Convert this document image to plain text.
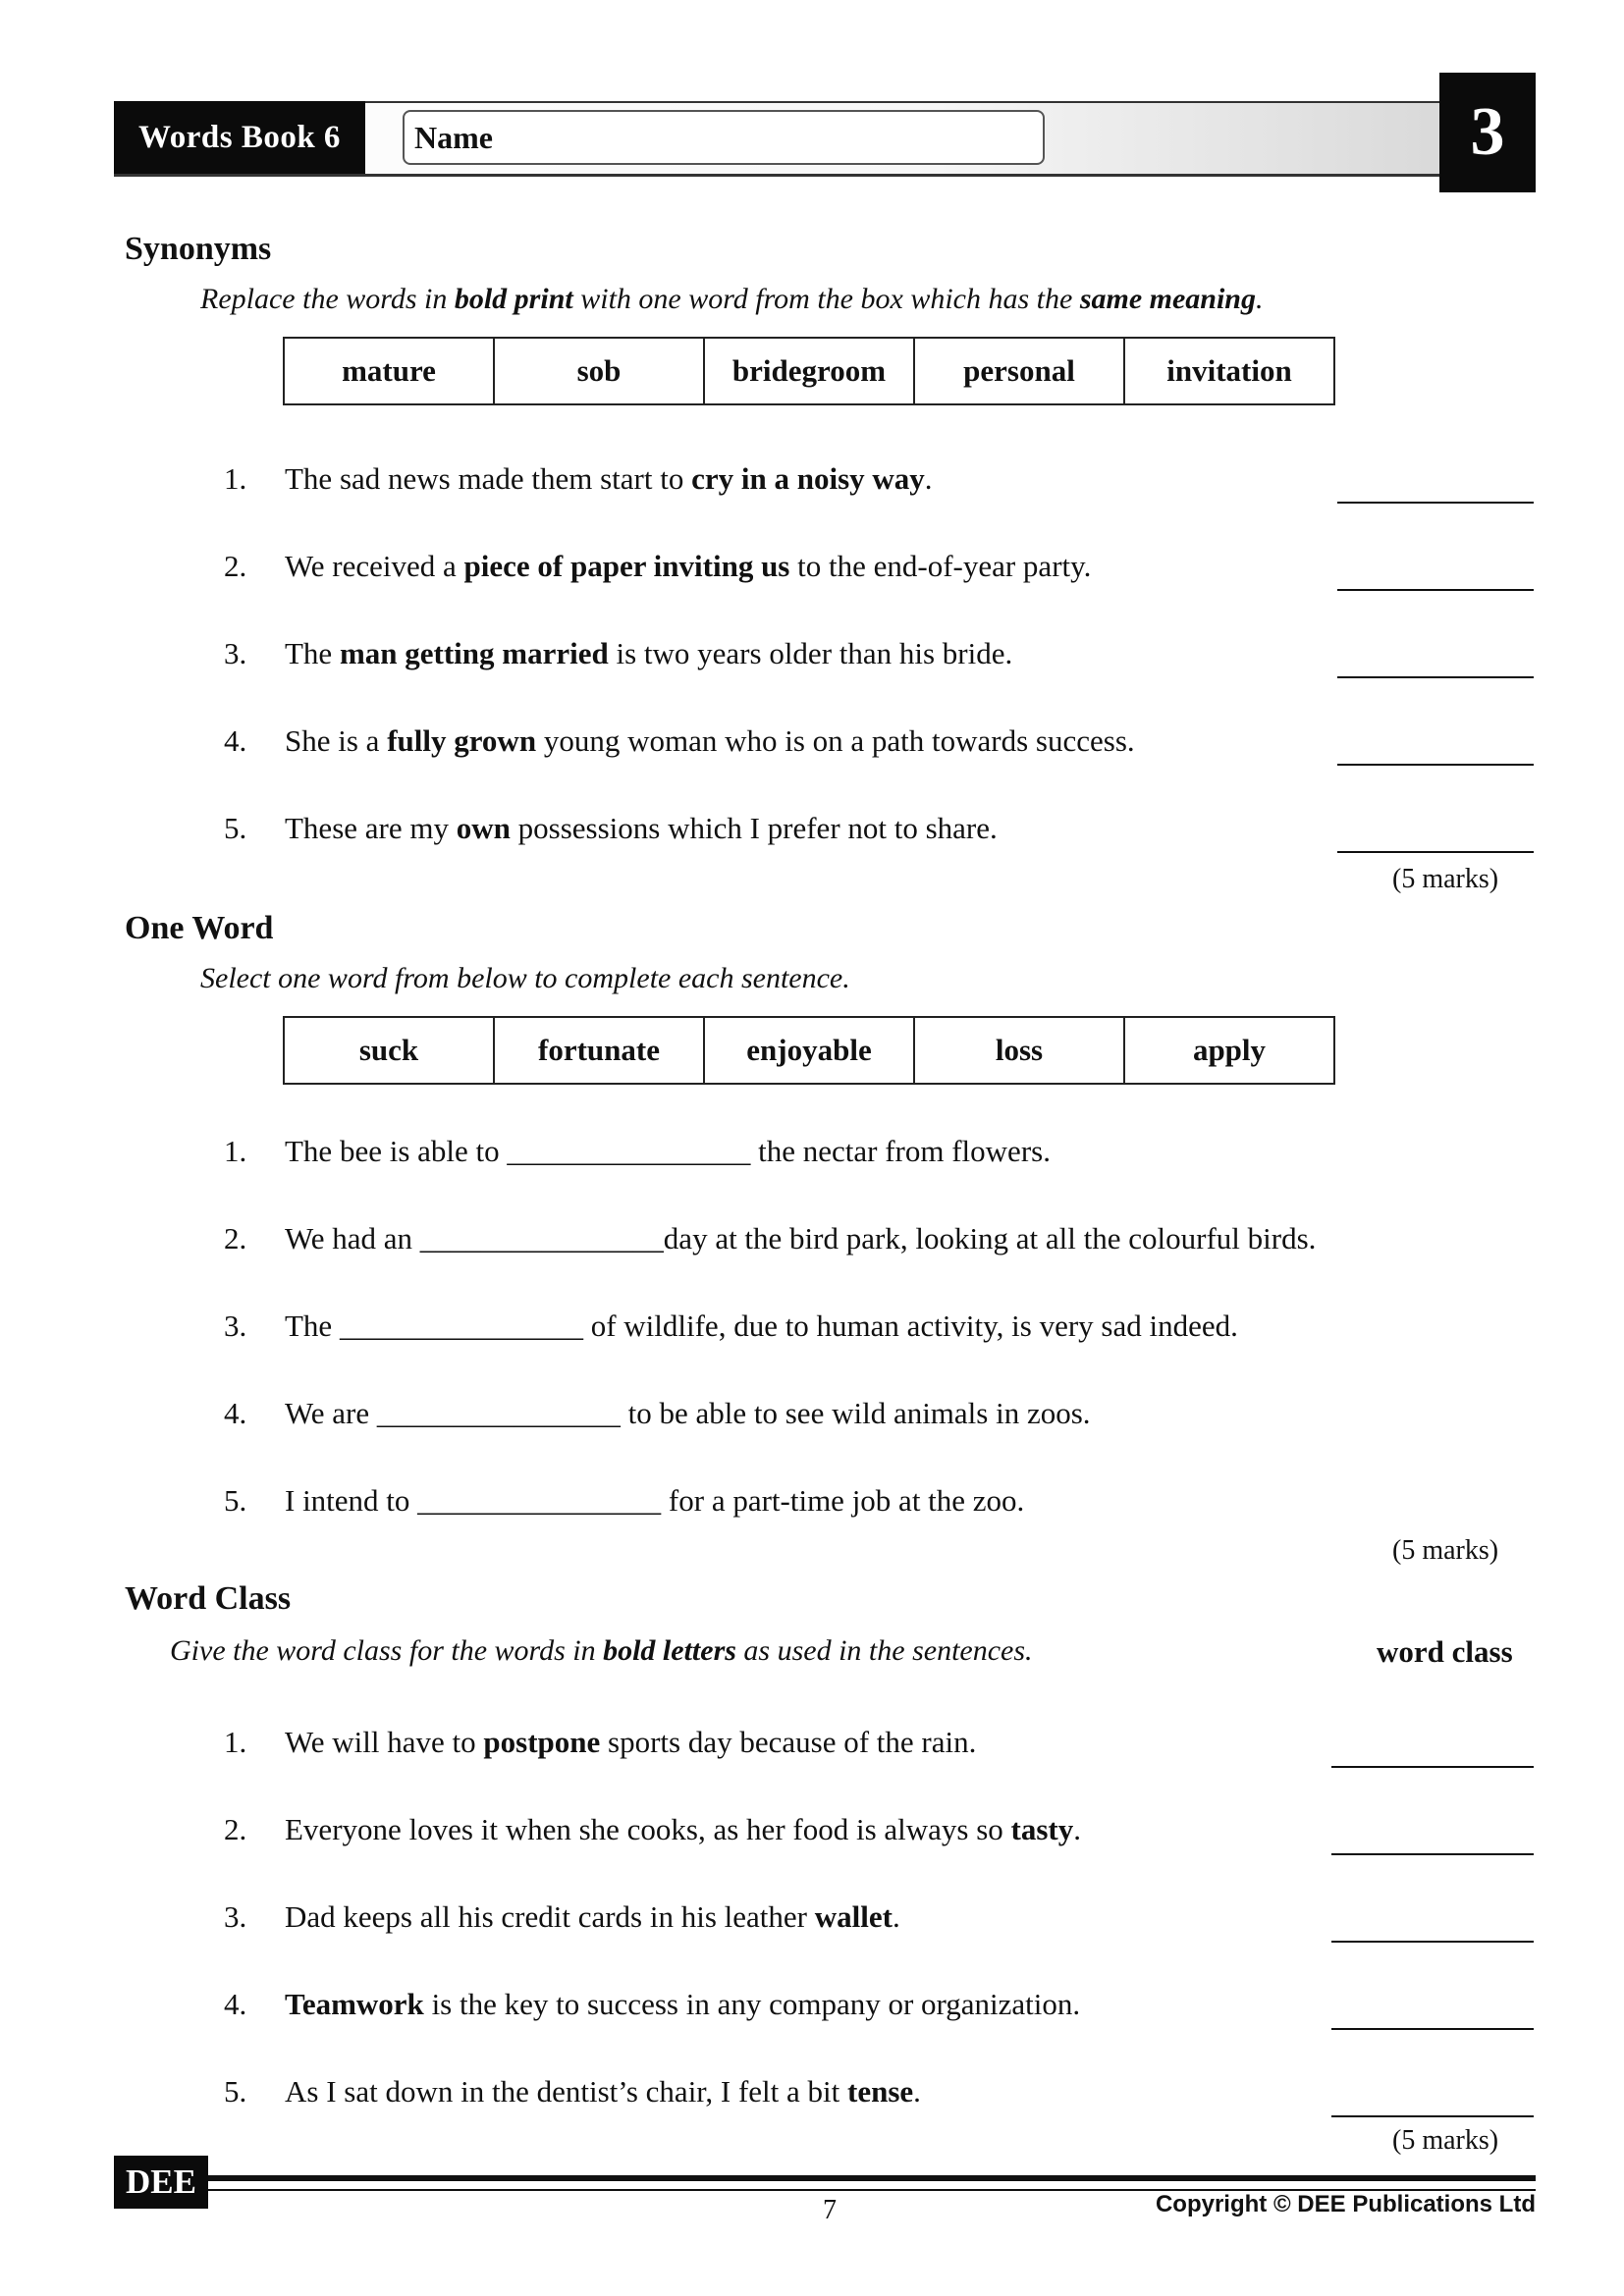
Words Book 6	Name	3
Synonyms
Replace the words in bold print with one word from the box which has the same meaning.
mature	sob	bridegroom	personal	invitation
1.	The sad news made them start to cry in a noisy way.
2.	We received a piece of paper inviting us to the end-of-year party.
3.	The man getting married is two years older than his bride.
4.	She is a fully grown young woman who is on a path towards success.
5.	These are my own possessions which I prefer not to share.
(5 marks)
One Word
Select one word from below to complete each sentence.
suck	fortunate	enjoyable	loss	apply
1.	The bee is able to ________________ the nectar from flowers.
2.	We had an ________________day at the bird park, looking at all the colourful birds.
3.	The ________________ of wildlife, due to human activity, is very sad indeed.
4.	We are ________________ to be able to see wild animals in zoos.
5.	I intend to ________________ for a part-time job at the zoo.
(5 marks)
Word Class
Give the word class for the words in bold letters as used in the sentences.	word class
1.	We will have to postpone sports day because of the rain.
2.	Everyone loves it when she cooks, as her food is always so tasty.
3.	Dad keeps all his credit cards in his leather wallet.
4.	Teamwork is the key to success in any company or organization.
5.	As I sat down in the dentist’s chair, I felt a bit tense.
(5 marks)
DEE
7	Copyright © DEE Publications Ltd
